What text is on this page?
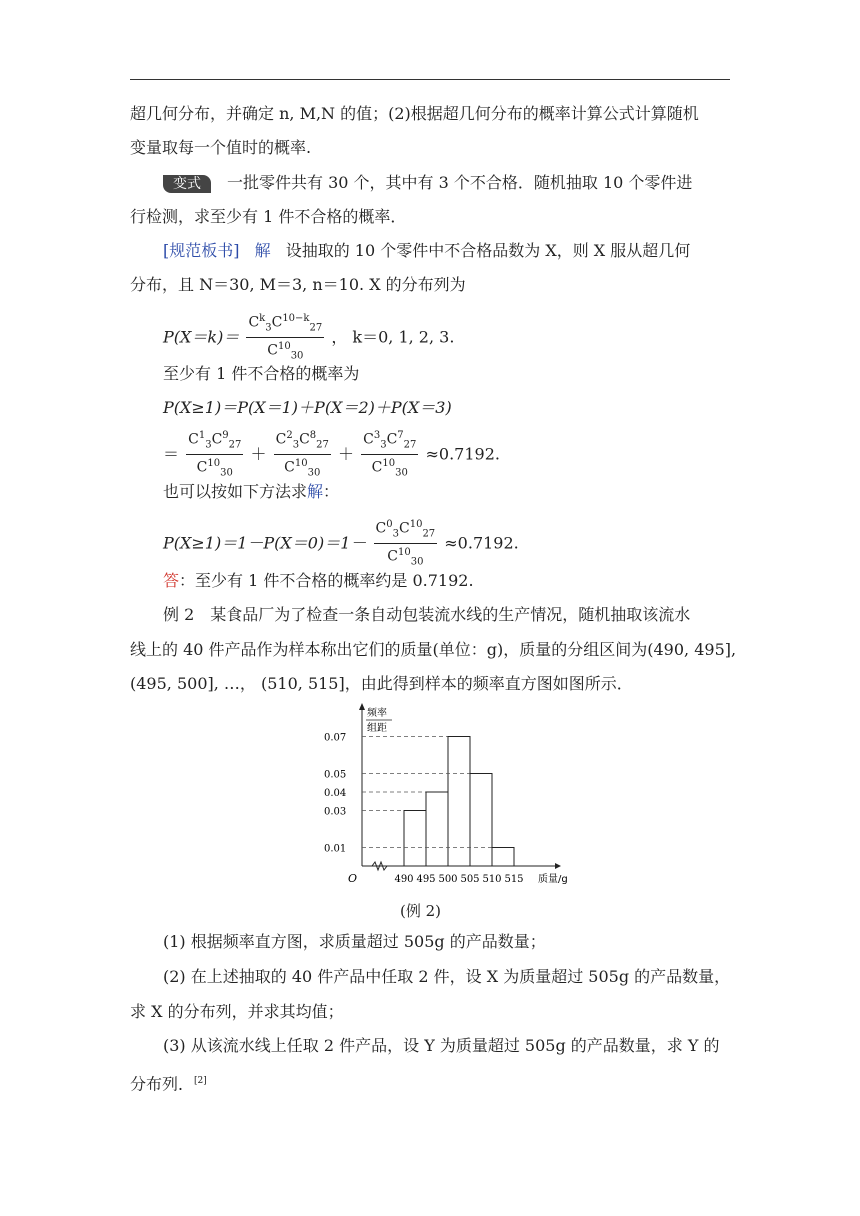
超几何分布，并确定 n, M,N 的值；(2)根据超几何分布的概率计算公式计算随机
变量取每一个值时的概率.
变式 一批零件共有 30 个，其中有 3 个不合格．随机抽取 10 个零件进
行检测，求至少有 1 件不合格的概率．
[规范板书] 解 设抽取的 10 个零件中不合格品数为 X，则 X 服从超几何
分布，且 N＝30, M＝3, n＝10. X 的分布列为
$P(X=k)= \frac{C^k_3C^{10-k}_{27}}{C^{10}_{30}}$ ， k＝0, 1, 2, 3.
至少有 1 件不合格的概率为
P(X≥1)＝P(X＝1)＋P(X＝2)＋P(X＝3)
＝ $\frac{C^1_3C^9_{27}}{C^{10}_{30}} + \frac{C^2_3C^8_{27}}{C^{10}_{30}} + \frac{C^3_3C^7_{27}}{C^{10}_{30}} \approx 0.7192$.
也可以按如下方法求解：
$P(X\ge 1)=1-P(X=0)=1- \frac{C^0_3C^{10}_{27}}{C^{10}_{30}} \approx 0.7192$.
答：至少有 1 件不合格的概率约是 0.7192.
例 2　某食品厂为了检查一条自动包装流水线的生产情况，随机抽取该流水
线上的 40 件产品作为样本称出它们的质量(单位：g)，质量的分组区间为(490, 495],
(495, 500], …， (510, 515]，由此得到样本的频率直方图如图所示．
O
频率
组距
0.07
0.05
0.04
0.03
0.01
490 495 500 505 510 515 质量/g
(例 2)
(1) 根据频率直方图，求质量超过 505g 的产品数量；
(2) 在上述抽取的 40 件产品中任取 2 件，设 X 为质量超过 505g 的产品数量，
求 X 的分布列，并求其均值；
(3) 从该流水线上任取 2 件产品，设 Y 为质量超过 505g 的产品数量，求 Y 的
分布列．[2]
